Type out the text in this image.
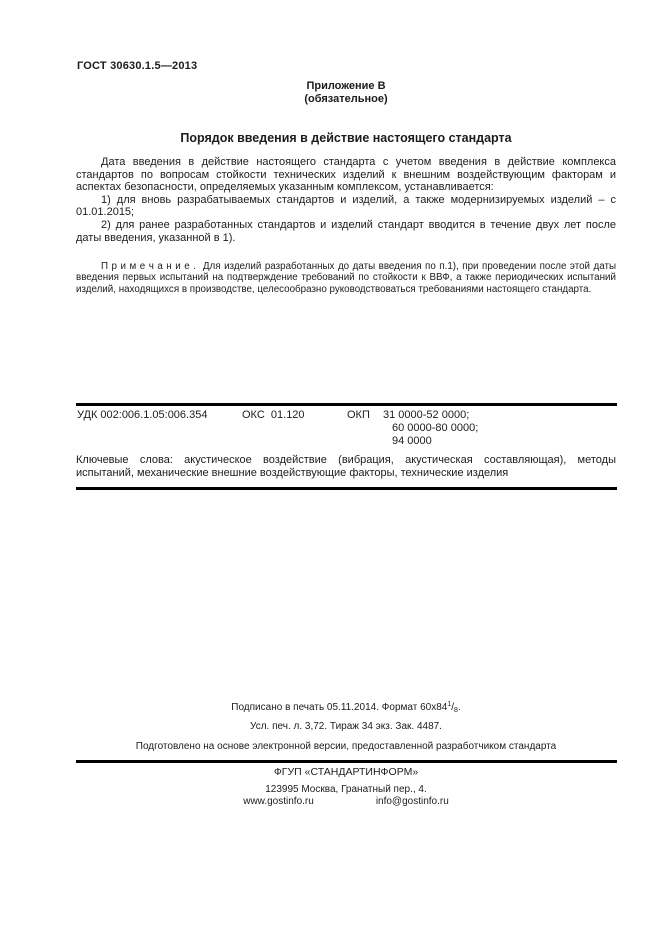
ГОСТ 30630.1.5—2013
Приложение В
(обязательное)
Порядок введения в действие настоящего стандарта

Дата введения в действие настоящего стандарта с учетом введения в действие комплекса стандартов по вопросам стойкости технических изделий к внешним воздействующим факторам и аспектах безопасности, определяемых указанным комплексом, устанавливается:

1) для вновь разрабатываемых стандартов и изделий, а также модернизируемых изделий – с 01.01.2015;

2) для ранее разработанных стандартов и изделий стандарт вводится в течение двух лет после даты введения, указанной в 1).

П р и м е ч а н и е . Для изделий разработанных до даты введения по п.1), при проведении после этой даты введения первых испытаний на подтверждение требований по стойкости к ВВФ, а также периодических испытаний изделий, находящихся в производстве, целесообразно руководствоваться требованиями настоящего стандарта.

УДК 002:006.1.05:006.354	ОКС  01.120	ОКП 31 0000-52 0000;
60 0000-80 0000;
94 0000

Ключевые слова: акустическое воздействие (вибрация, акустическая составляющая), методы испытаний, механические внешние воздействующие факторы, технические изделия

Подписано в печать 05.11.2014. Формат $60х84^1/_8$.
Усл. печ. л. 3,72. Тираж 34 экз. Зак. 4487.
Подготовлено на основе электронной версии, предоставленной разработчиком стандарта
ФГУП «СТАНДАРТИНФОРМ»
123995 Москва, Гранатный пер., 4.
www.gostinfo.ru	info@gostinfo.ru
